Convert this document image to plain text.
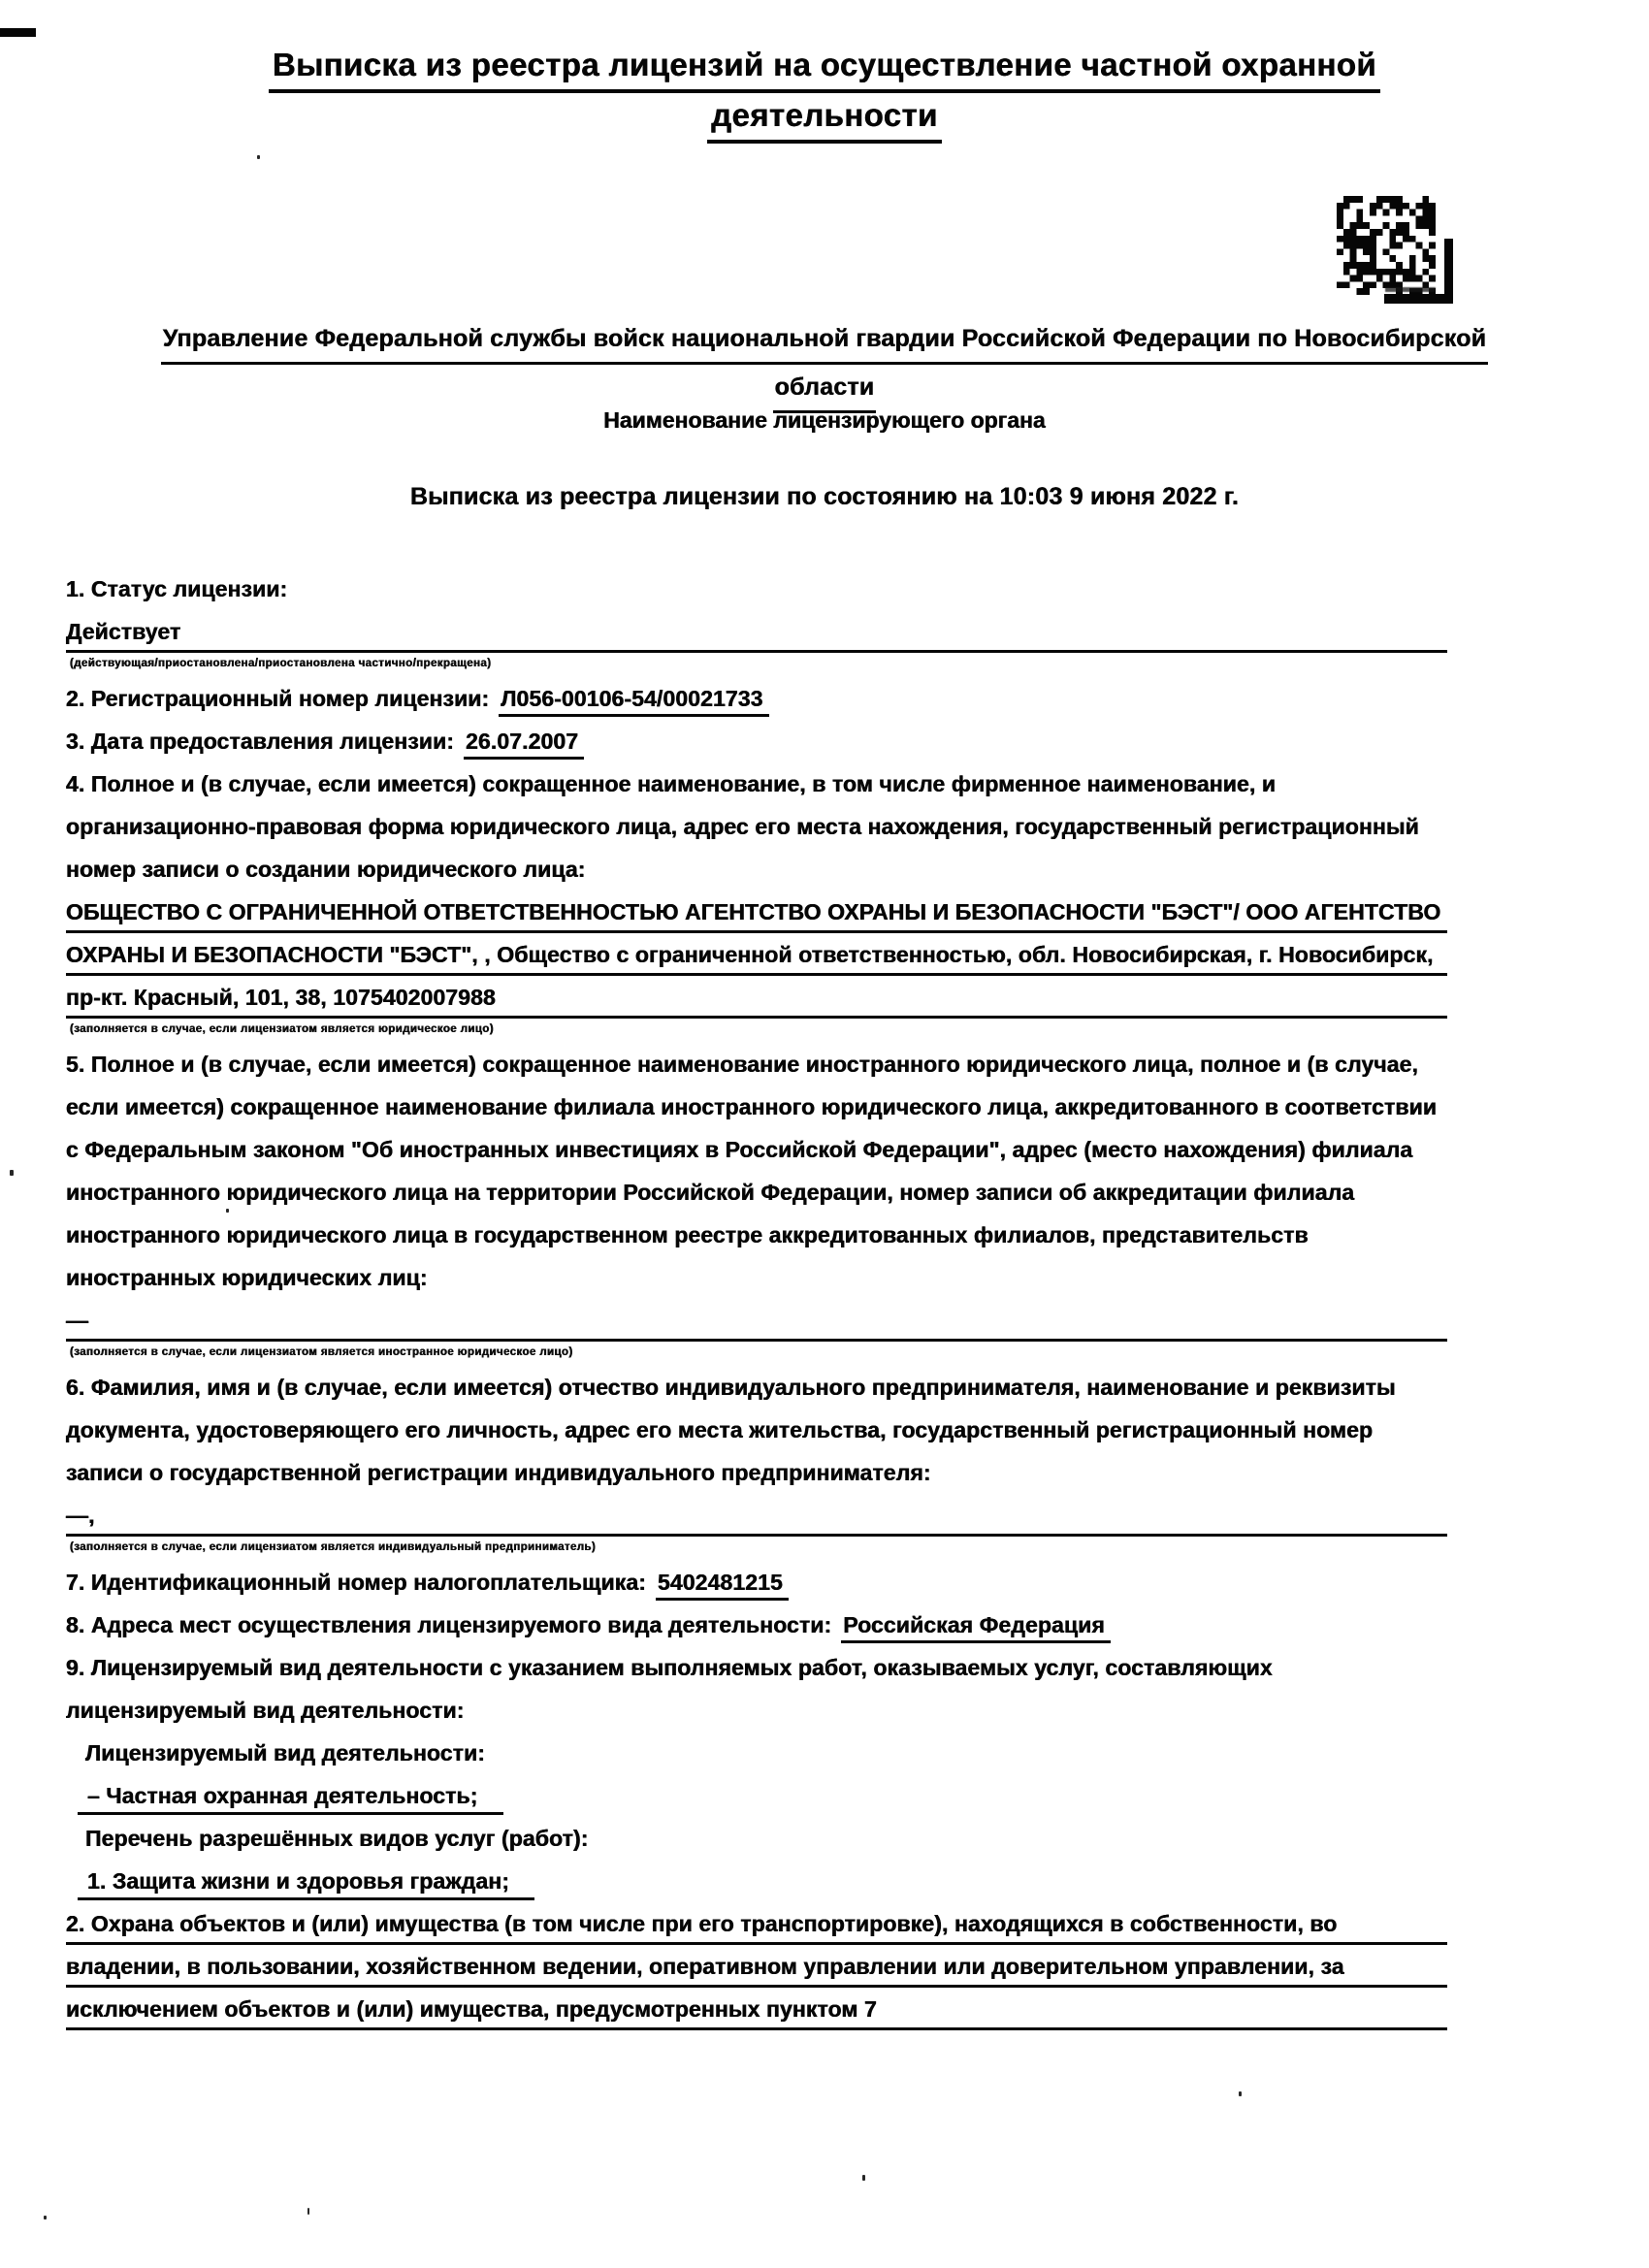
Выписка из реестра лицензий на осуществление частной охранной
деятельности
Управление Федеральной службы войск национальной гвардии Российской Федерации по Новосибирской
области
Наименование лицензирующего органа
Выписка из реестра лицензии по состоянию на 10:03 9 июня 2022 г.
1. Статус лицензии:
Действует
(действующая/приостановлена/приостановлена частично/прекращена)
2. Регистрационный номер лицензии: Л056-00106-54/00021733
3. Дата предоставления лицензии: 26.07.2007
4. Полное и (в случае, если имеется) сокращенное наименование, в том числе фирменное наименование, и организационно-правовая форма юридического лица, адрес его места нахождения, государственный регистрационный номер записи о создании юридического лица:
ОБЩЕСТВО С ОГРАНИЧЕННОЙ ОТВЕТСТВЕННОСТЬЮ АГЕНТСТВО ОХРАНЫ И БЕЗОПАСНОСТИ "БЭСТ"/ ООО АГЕНТСТВО ОХРАНЫ И БЕЗОПАСНОСТИ "БЭСТ", , Общество с ограниченной ответственностью, обл. Новосибирская, г. Новосибирск, пр-кт. Красный, 101, 38, 1075402007988
(заполняется в случае, если лицензиатом является юридическое лицо)
5. Полное и (в случае, если имеется) сокращенное наименование иностранного юридического лица, полное и (в случае, если имеется) сокращенное наименование филиала иностранного юридического лица, аккредитованного в соответствии с Федеральным законом "Об иностранных инвестициях в Российской Федерации", адрес (место нахождения) филиала иностранного юридического лица на территории Российской Федерации, номер записи об аккредитации филиала иностранного юридического лица в государственном реестре аккредитованных филиалов, представительств иностранных юридических лиц:
—
(заполняется в случае, если лицензиатом является иностранное юридическое лицо)
6. Фамилия, имя и (в случае, если имеется) отчество индивидуального предпринимателя, наименование и реквизиты документа, удостоверяющего его личность, адрес его места жительства, государственный регистрационный номер записи о государственной регистрации индивидуального предпринимателя:
—,
(заполняется в случае, если лицензиатом является индивидуальный предприниматель)
7. Идентификационный номер налогоплательщика: 5402481215
8. Адреса мест осуществления лицензируемого вида деятельности: Российская Федерация
9. Лицензируемый вид деятельности с указанием выполняемых работ, оказываемых услуг, составляющих лицензируемый вид деятельности:
Лицензируемый вид деятельности:
– Частная охранная деятельность;
Перечень разрешённых видов услуг (работ):
1. Защита жизни и здоровья граждан;
2. Охрана объектов и (или) имущества (в том числе при его транспортировке), находящихся в собственности, во владении, в пользовании, хозяйственном ведении, оперативном управлении или доверительном управлении, за исключением объектов и (или) имущества, предусмотренных пунктом 7
